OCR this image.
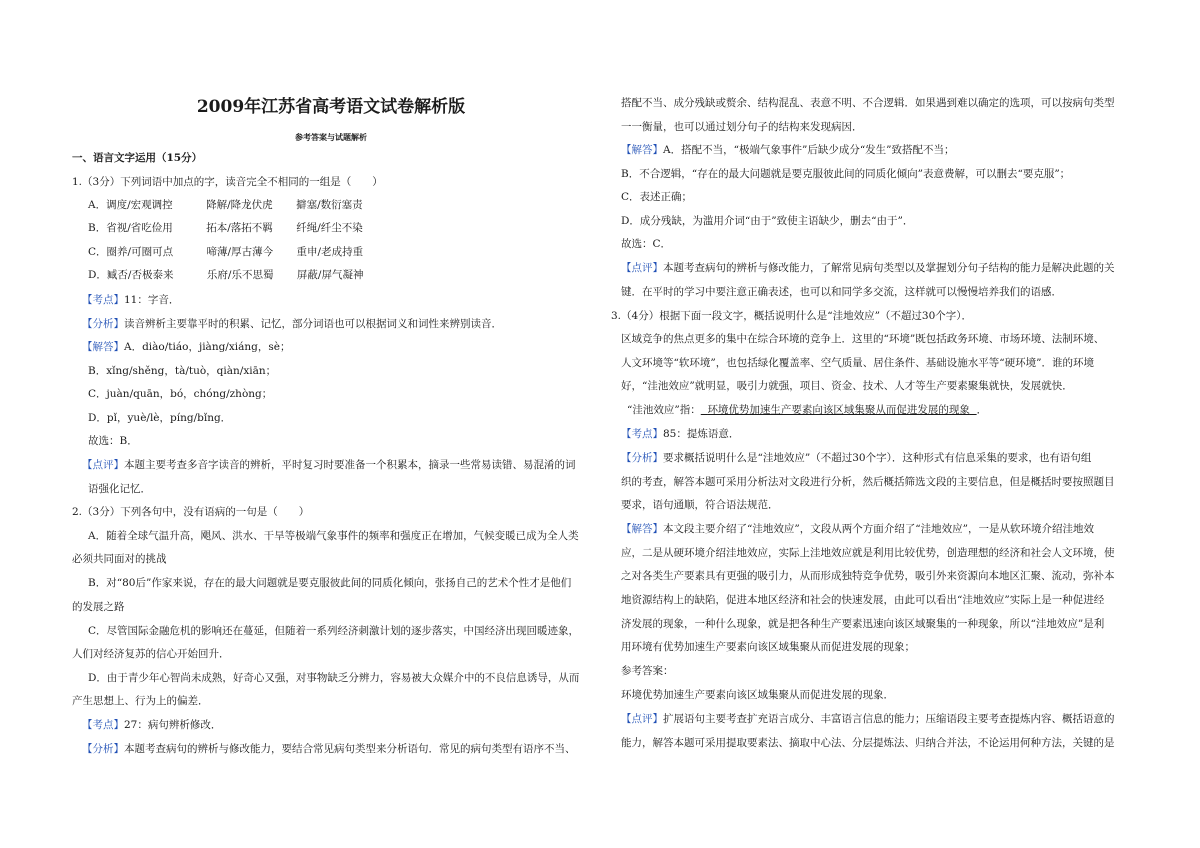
2009年江苏省高考语文试卷解析版
参考答案与试题解析
一、语言文字运用（15分）
1.（3分）下列词语中加点的字，读音完全不相同的一组是（　　）
A．调度/宏观调控	降解/降龙伏虎 擗塞/数衍塞责
B．省视/省吃俭用	拓本/落拓不羁 纤绳/纤尘不染
C．圈养/可圈可点	啼薄/厚古薄今 重申/老成持重
D．臧否/否极泰来	乐府/乐不思蜀 屏蔽/屏气凝神
【考点】11：字音．
【分析】读音辨析主要靠平时的积累、记忆，部分词语也可以根据词义和词性来辨别读音．
【解答】A．diào/tiáo，jiàng/xiáng，sè；
B．xǐng/shěng，tà/tuò，qiàn/xiān；
C．juàn/quān，bó，chóng/zhòng；
D．pǐ，yuè/lè，píng/bǐng．
故选：B．
【点评】本题主要考查多音字读音的辨析，平时复习时要准备一个积累本，摘录一些常易读错、易混淆的词
语强化记忆．
2.（3分）下列各句中，没有语病的一句是（　　）
A．随着全球气温升高，飓风、洪水、干旱等极端气象事件的频率和强度正在增加，气候变暖已成为全人类
必须共同面对的挑战
B．对“80后”作家来说，存在的最大问题就是要克服彼此间的同质化倾向，张扬自己的艺术个性才是他们
的发展之路
C．尽管国际金融危机的影响还在蔓延，但随着一系列经济刺激计划的逐步落实，中国经济出现回暖迹象，
人们对经济复苏的信心开始回升．
D．由于青少年心智尚未成熟，好奇心又强，对事物缺乏分辨力，容易被大众媒介中的不良信息诱导，从而
产生思想上、行为上的偏差．
【考点】27：病句辨析修改．
【分析】本题考查病句的辨析与修改能力，要结合常见病句类型来分析语句．常见的病句类型有语序不当、
搭配不当、成分残缺或赘余、结构混乱、表意不明、不合逻辑．如果遇到难以确定的选项，可以按病句类型
一一衡量，也可以通过划分句子的结构来发现病因．
【解答】A．搭配不当，“极端气象事件”后缺少成分“发生”致搭配不当；
B．不合逻辑，“存在的最大问题就是要克服彼此间的同质化倾向”表意费解，可以删去“要克服”；
C．表述正确；
D．成分残缺，为滥用介词“由于”致使主语缺少，删去“由于”．
故选：C．
【点评】本题考查病句的辨析与修改能力，了解常见病句类型以及掌握划分句子结构的能力是解决此题的关
键．在平时的学习中要注意正确表述，也可以和同学多交流，这样就可以慢慢培养我们的语感．
3.（4分）根据下面一段文字，概括说明什么是“洼地效应”（不超过30个字）．
区域竞争的焦点更多的集中在综合环境的竞争上．这里的“环境”既包括政务环境、市场环境、法制环境、
人文环境等“软环境”，也包括绿化覆盖率、空气质量、居住条件、基础设施水平等“硬环境”．谁的环境
好，“洼池效应”就明显，吸引力就强，项目、资金、技术、人才等生产要素聚集就快，发展就快．
“洼池效应”指： 环境优势加速生产要素向该区域集聚从而促进发展的现象 ．
【考点】85：提炼语意．
【分析】要求概括说明什么是“洼地效应”（不超过30个字）．这种形式有信息采集的要求，也有语句组
织的考查，解答本题可采用分析法对文段进行分析，然后概括筛选文段的主要信息，但是概括时要按照题目
要求，语句通顺，符合语法规范．
【解答】本文段主要介绍了“洼地效应”，文段从两个方面介绍了“洼地效应”，一是从软环境介绍洼地效
应，二是从硬环境介绍洼地效应，实际上洼地效应就是利用比较优势，创造理想的经济和社会人文环境，使
之对各类生产要素具有更强的吸引力，从而形成独特竞争优势，吸引外来资源向本地区汇聚、流动，弥补本
地资源结构上的缺陷，促进本地区经济和社会的快速发展，由此可以看出“洼地效应”实际上是一种促进经
济发展的现象，一种什么现象，就是把各种生产要素迅速向该区域聚集的一种现象，所以“洼地效应”是利
用环境有优势加速生产要素向该区域集聚从而促进发展的现象；
参考答案：
环境优势加速生产要素向该区域集聚从而促进发展的现象．
【点评】扩展语句主要考查扩充语言成分、丰富语言信息的能力；压缩语段主要考查提炼内容、概括语意的
能力，解答本题可采用提取要素法、摘取中心法、分层提炼法、归纳合并法，不论运用何种方法，关键的是
